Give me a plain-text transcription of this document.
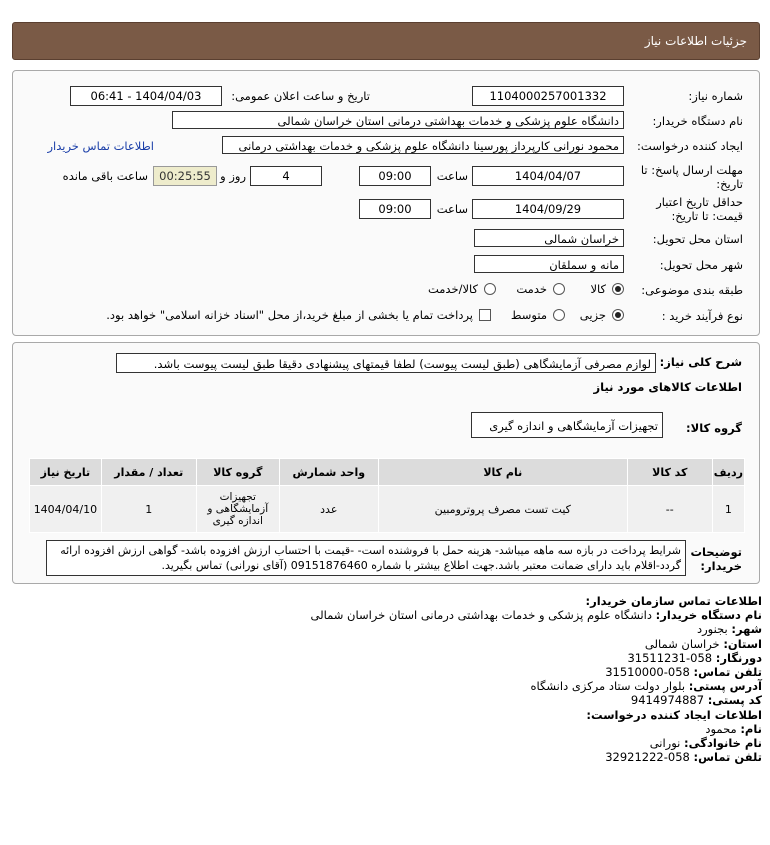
جزئیات اطلاعات نیاز
شماره نیاز:
1104000257001332
تاریخ و ساعت اعلان عمومی:
1404/04/03 - 06:41
نام دستگاه خریدار:
دانشگاه علوم پزشکی و خدمات بهداشتی درمانی استان خراسان شمالی
ایجاد کننده درخواست:
محمود نورانی کارپرداز پورسینا دانشگاه علوم پزشکی و خدمات بهداشتی درمانی
اطلاعات تماس خریدار
مهلت ارسال پاسخ: تا
تاریخ:
1404/04/07
ساعت
09:00
4
روز و
00:25:55
ساعت باقی مانده
حداقل تاریخ اعتبار
قیمت: تا تاریخ:
1404/09/29
ساعت
09:00
استان محل تحویل:
خراسان شمالی
شهر محل تحویل:
مانه و سملقان
طبقه بندی موضوعی:
کالا
خدمت
کالا/خدمت
نوع فرآیند خرید :
جزیی
متوسط
پرداخت تمام یا بخشی از مبلغ خرید،از محل "اسناد خزانه اسلامی" خواهد بود.
شرح کلی نیاز:
لوازم مصرفی آزمایشگاهی (طبق لیست پیوست) لطفا قیمتهای پیشنهادی دقیقا طبق لیست پیوست باشد.
اطلاعات کالاهای مورد نیاز
گروه کالا:
تجهیزات آزمایشگاهی و اندازه گیری
ردیف	کد کالا	نام کالا	واحد شمارش	گروه کالا	تعداد / مقدار	تاریخ نیاز
1	--	کیت تست مصرف پروترومبین	عدد	تجهیزات آزمایشگاهی و اندازه گیری	1	1404/04/10
توضیحات
خریدار:
شرایط پرداخت در بازه سه ماهه میباشد- هزینه حمل با فروشنده است- -قیمت با احتساب ارزش افزوده باشد- گواهی ارزش افزوده ارائه گردد-اقلام باید دارای ضمانت معتبر باشد.جهت اطلاع بیشتر با شماره 09151876460 (آقای نورانی) تماس بگیرید.
اطلاعات تماس سازمان خریدار:
نام دستگاه خریدار: دانشگاه علوم پزشکی و خدمات بهداشتی درمانی استان خراسان شمالی
شهر: بجنورد
استان: خراسان شمالی
دورنگار: 058-31511231
تلفن تماس: 058-31510000
آدرس پستی: بلوار دولت ستاد مرکزی دانشگاه
کد پستی: 9414974887
اطلاعات ایجاد کننده درخواست:
نام: محمود
نام خانوادگی: نورانی
تلفن تماس: 058-32921222
